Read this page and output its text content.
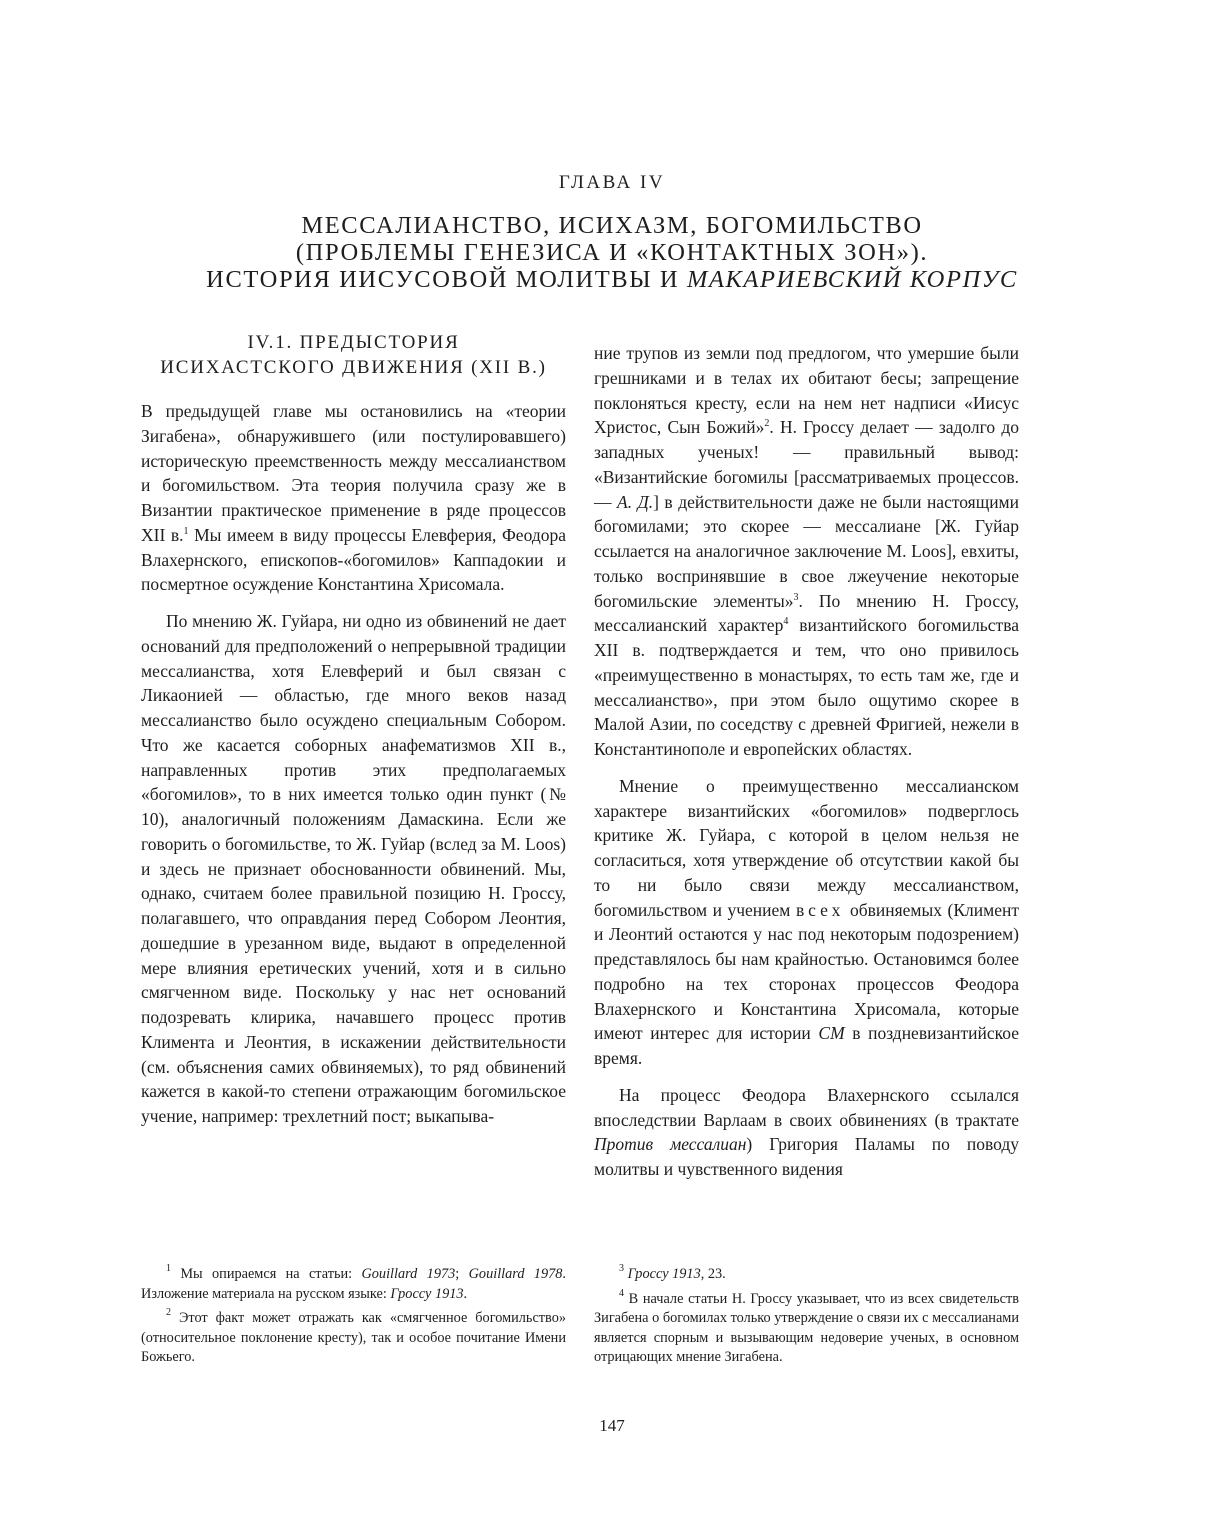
ГЛАВА IV
МЕССАЛИАНСТВО, ИСИХАЗМ, БОГОМИЛЬСТВО
(ПРОБЛЕМЫ ГЕНЕЗИСА И «КОНТАКТНЫХ ЗОН»).
ИСТОРИЯ ИИСУСОВОЙ МОЛИТВЫ И МАКАРИЕВСКИЙ КОРПУС
IV.1. ПРЕДЫСТОРИЯ
ИСИХАСТСКОГО ДВИЖЕНИЯ (XII В.)

В предыдущей главе мы остановились на «теории Зигабена», обнаружившего (или постулировавшего) историческую преемственность между мессалианством и богомильством. Эта теория получила сразу же в Византии практическое применение в ряде процессов XII в.$^1$ Мы имеем в виду процессы Елевферия, Феодора Влахернского, епископов-«богомилов» Каппадокии и посмертное осуждение Константина Хрисомала.

По мнению Ж. Гуйара, ни одно из обвинений не дает оснований для предположений о непрерывной традиции мессалианства, хотя Елевферий и был связан с Ликаонией — областью, где много веков назад мессалианство было осуждено специальным Собором. Что же касается соборных анафематизмов XII в., направленных против этих предполагаемых «богомилов», то в них имеется только один пункт (№ 10), аналогичный положениям Дамаскина. Если же говорить о богомильстве, то Ж. Гуйар (вслед за M. Loos) и здесь не признает обоснованности обвинений. Мы, однако, считаем более правильной позицию Н. Гроссу, полагавшего, что оправдания перед Собором Леонтия, дошедшие в урезанном виде, выдают в определенной мере влияния еретических учений, хотя и в сильно смягченном виде. Поскольку у нас нет оснований подозревать клирика, начавшего процесс против Климента и Леонтия, в искажении действительности (см. объяснения самих обвиняемых), то ряд обвинений кажется в какой-то степени отражающим богомильское учение, например: трехлетний пост; выкапыва-

ние трупов из земли под предлогом, что умершие были грешниками и в телах их обитают бесы; запрещение поклоняться кресту, если на нем нет надписи «Иисус Христос, Сын Божий»$^2$. Н. Гроссу делает — задолго до западных ученых! — правильный вывод: «Византийские богомилы [рассматриваемых процессов. — А. Д.] в действительности даже не были настоящими богомилами; это скорее — мессалиане [Ж. Гуйар ссылается на аналогичное заключение M. Loos], евхиты, только воспринявшие в свое лжеучение некоторые богомильские элементы»$^3$. По мнению Н. Гроссу, мессалианский характер$^4$ византийского богомильства XII в. подтверждается и тем, что оно привилось «преимущественно в монастырях, то есть там же, где и мессалианство», при этом было ощутимо скорее в Малой Азии, по соседству с древней Фригией, нежели в Константинополе и европейских областях.

Мнение о преимущественно мессалианском характере византийских «богомилов» подверглось критике Ж. Гуйара, с которой в целом нельзя не согласиться, хотя утверждение об отсутствии какой бы то ни было связи между мессалианством, богомильством и учением всех обвиняемых (Климент и Леонтий остаются у нас под некоторым подозрением) представлялось бы нам крайностью. Остановимся более подробно на тех сторонах процессов Феодора Влахернского и Константина Хрисомала, которые имеют интерес для истории СМ в поздневизантийское время.

На процесс Феодора Влахернского ссылался впоследствии Варлаам в своих обвинениях (в трактате Против мессалиан) Григория Паламы по поводу молитвы и чувственного видения

$^1$ Мы опираемся на статьи: Gouillard 1973; Gouillard 1978. Изложение материала на русском языке: Гроссу 1913.

$^2$ Этот факт может отражать как «смягченное богомильство» (относительное поклонение кресту), так и особое почитание Имени Божьего.

$^3$ Гроссу 1913, 23.

$^4$ В начале статьи Н. Гроссу указывает, что из всех свидетельств Зигабена о богомилах только утверждение о связи их с мессалианами является спорным и вызывающим недоверие ученых, в основном отрицающих мнение Зигабена.

147
